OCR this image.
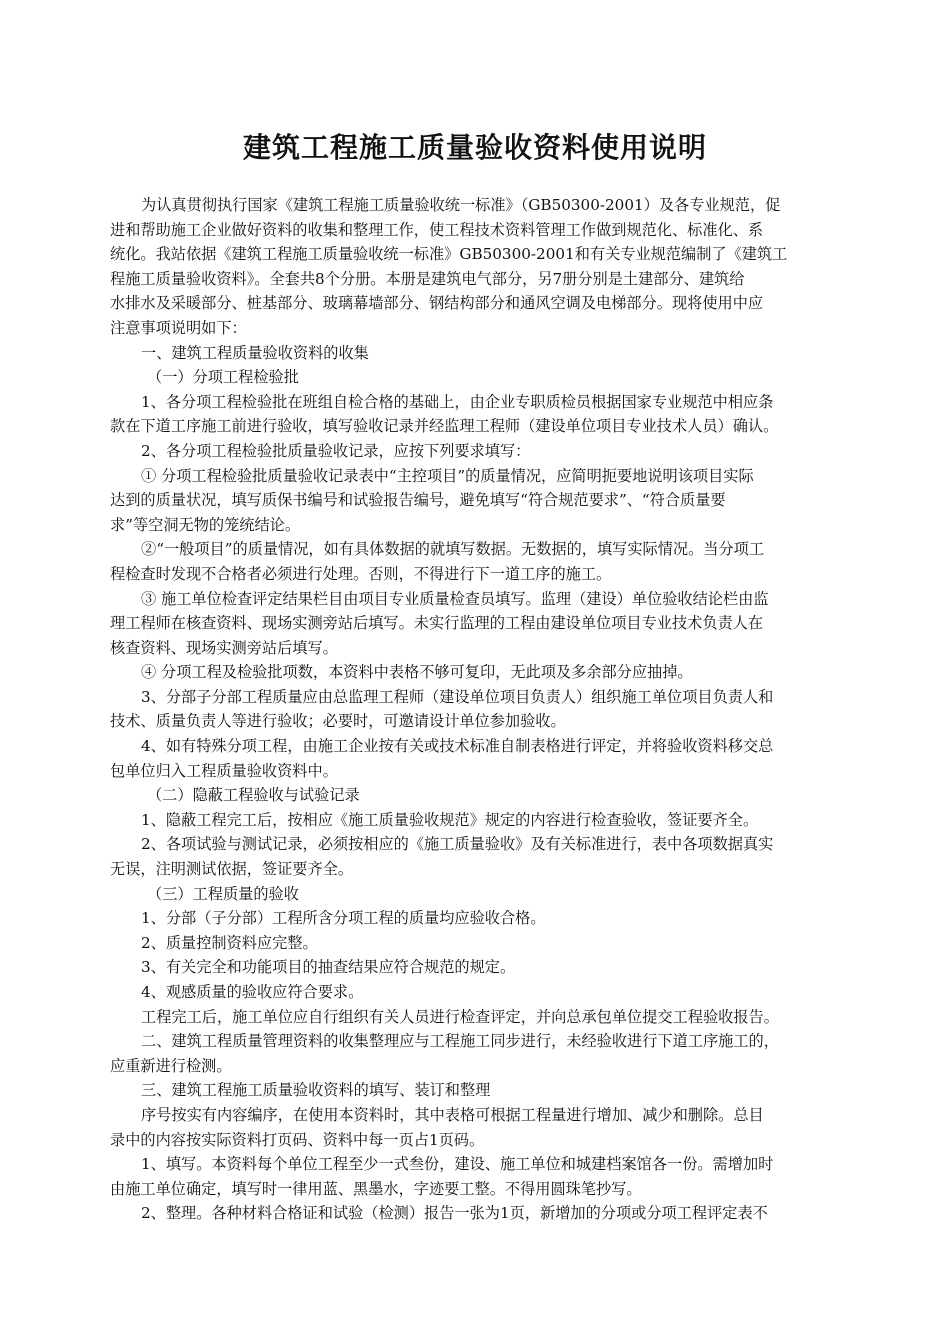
建筑工程施工质量验收资料使用说明
为认真贯彻执行国家《建筑工程施工质量验收统一标准》（GB50300-2001）及各专业规范，促
进和帮助施工企业做好资料的收集和整理工作，使工程技术资料管理工作做到规范化、标准化、系
统化。我站依据《建筑工程施工质量验收统一标准》GB50300-2001和有关专业规范编制了《建筑工
程施工质量验收资料》。全套共8个分册。本册是建筑电气部分，另7册分别是土建部分、建筑给
水排水及采暖部分、桩基部分、玻璃幕墙部分、钢结构部分和通风空调及电梯部分。现将使用中应
注意事项说明如下：
一、建筑工程质量验收资料的收集
（一）分项工程检验批
1、各分项工程检验批在班组自检合格的基础上，由企业专职质检员根据国家专业规范中相应条
款在下道工序施工前进行验收，填写验收记录并经监理工程师（建设单位项目专业技术人员）确认。
2、各分项工程检验批质量验收记录，应按下列要求填写：
① 分项工程检验批质量验收记录表中“主控项目”的质量情况，应简明扼要地说明该项目实际
达到的质量状况，填写质保书编号和试验报告编号，避免填写“符合规范要求”、“符合质量要
求”等空洞无物的笼统结论。
②“一般项目”的质量情况，如有具体数据的就填写数据。无数据的，填写实际情况。当分项工
程检查时发现不合格者必须进行处理。否则，不得进行下一道工序的施工。
③ 施工单位检查评定结果栏目由项目专业质量检查员填写。监理（建设）单位验收结论栏由监
理工程师在核查资料、现场实测旁站后填写。未实行监理的工程由建设单位项目专业技术负责人在
核查资料、现场实测旁站后填写。
④ 分项工程及检验批项数，本资料中表格不够可复印，无此项及多余部分应抽掉。
3、分部子分部工程质量应由总监理工程师（建设单位项目负责人）组织施工单位项目负责人和
技术、质量负责人等进行验收；必要时，可邀请设计单位参加验收。
4、如有特殊分项工程，由施工企业按有关或技术标准自制表格进行评定，并将验收资料移交总
包单位归入工程质量验收资料中。
（二）隐蔽工程验收与试验记录
1、隐蔽工程完工后，按相应《施工质量验收规范》规定的内容进行检查验收，签证要齐全。
2、各项试验与测试记录，必须按相应的《施工质量验收》及有关标准进行，表中各项数据真实
无误，注明测试依据，签证要齐全。
（三）工程质量的验收
1、分部（子分部）工程所含分项工程的质量均应验收合格。
2、质量控制资料应完整。
3、有关完全和功能项目的抽查结果应符合规范的规定。
4、观感质量的验收应符合要求。
工程完工后，施工单位应自行组织有关人员进行检查评定，并向总承包单位提交工程验收报告。
二、建筑工程质量管理资料的收集整理应与工程施工同步进行，未经验收进行下道工序施工的，
应重新进行检测。
三、建筑工程施工质量验收资料的填写、装订和整理
序号按实有内容编序，在使用本资料时，其中表格可根据工程量进行增加、减少和删除。总目
录中的内容按实际资料打页码、资料中每一页占1页码。
1、填写。本资料每个单位工程至少一式叁份，建设、施工单位和城建档案馆各一份。需增加时
由施工单位确定，填写时一律用蓝、黑墨水，字迹要工整。不得用圆珠笔抄写。
2、整理。各种材料合格证和试验（检测）报告一张为1页，新增加的分项或分项工程评定表不
